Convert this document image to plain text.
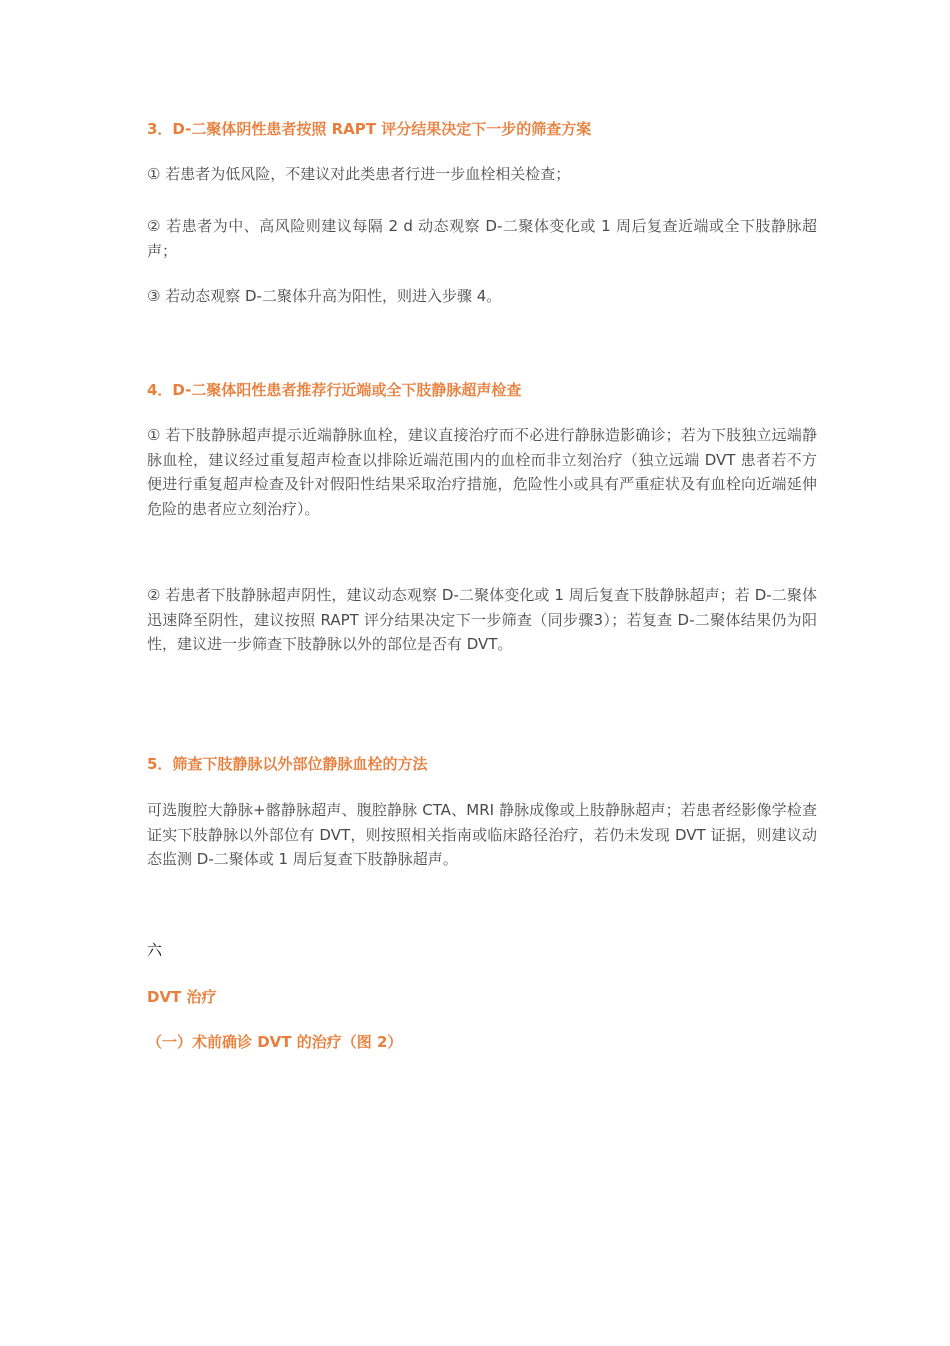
3．D-二聚体阴性患者按照 RAPT 评分结果决定下一步的筛查方案
① 若患者为低风险，不建议对此类患者行进一步血栓相关检查；
② 若患者为中、高风险则建议每隔 2 d 动态观察 D-二聚体变化或 1 周后复查近端或全下肢静脉超声；
③ 若动态观察 D-二聚体升高为阳性，则进入步骤 4。
4．D-二聚体阳性患者推荐行近端或全下肢静脉超声检查
① 若下肢静脉超声提示近端静脉血栓，建议直接治疗而不必进行静脉造影确诊；若为下肢独立远端静脉血栓，建议经过重复超声检查以排除近端范围内的血栓而非立刻治疗（独立远端 DVT 患者若不方便进行重复超声检查及针对假阳性结果采取治疗措施，危险性小或具有严重症状及有血栓向近端延伸危险的患者应立刻治疗）。
② 若患者下肢静脉超声阴性，建议动态观察 D-二聚体变化或 1 周后复查下肢静脉超声；若 D-二聚体迅速降至阴性，建议按照 RAPT 评分结果决定下一步筛查（同步骤3）；若复查 D-二聚体结果仍为阳性，建议进一步筛查下肢静脉以外的部位是否有 DVT。
5．筛查下肢静脉以外部位静脉血栓的方法
可选腹腔大静脉+髂静脉超声、腹腔静脉 CTA、MRI 静脉成像或上肢静脉超声；若患者经影像学检查证实下肢静脉以外部位有 DVT，则按照相关指南或临床路径治疗，若仍未发现 DVT 证据，则建议动态监测 D-二聚体或 1 周后复查下肢静脉超声。
六
DVT 治疗
（一）术前确诊 DVT 的治疗（图 2）
